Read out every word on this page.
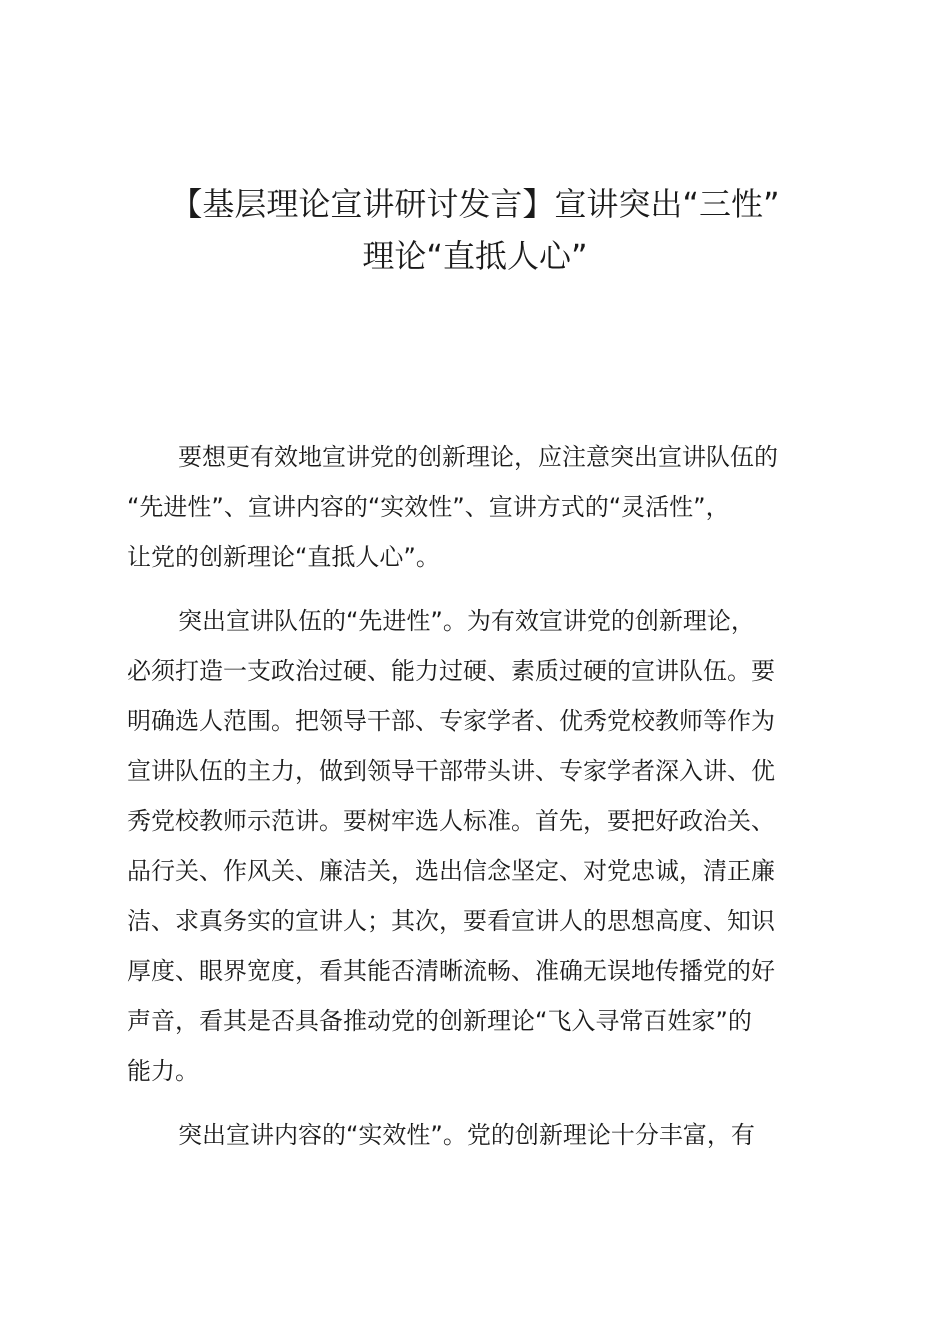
【基层理论宣讲研讨发言】宣讲突出“三性”
理论“直抵人心”

要想更有效地宣讲党的创新理论，应注意突出宣讲队伍的
“先进性”、宣讲内容的“实效性”、宣讲方式的“灵活性”，
让党的创新理论“直抵人心”。

突出宣讲队伍的“先进性”。为有效宣讲党的创新理论，
必须打造一支政治过硬、能力过硬、素质过硬的宣讲队伍。要
明确选人范围。把领导干部、专家学者、优秀党校教师等作为
宣讲队伍的主力，做到领导干部带头讲、专家学者深入讲、优
秀党校教师示范讲。要树牢选人标准。首先，要把好政治关、
品行关、作风关、廉洁关，选出信念坚定、对党忠诚，清正廉
洁、求真务实的宣讲人；其次，要看宣讲人的思想高度、知识
厚度、眼界宽度，看其能否清晰流畅、准确无误地传播党的好
声音，看其是否具备推动党的创新理论“飞入寻常百姓家”的
能力。

突出宣讲内容的“实效性”。党的创新理论十分丰富，有
